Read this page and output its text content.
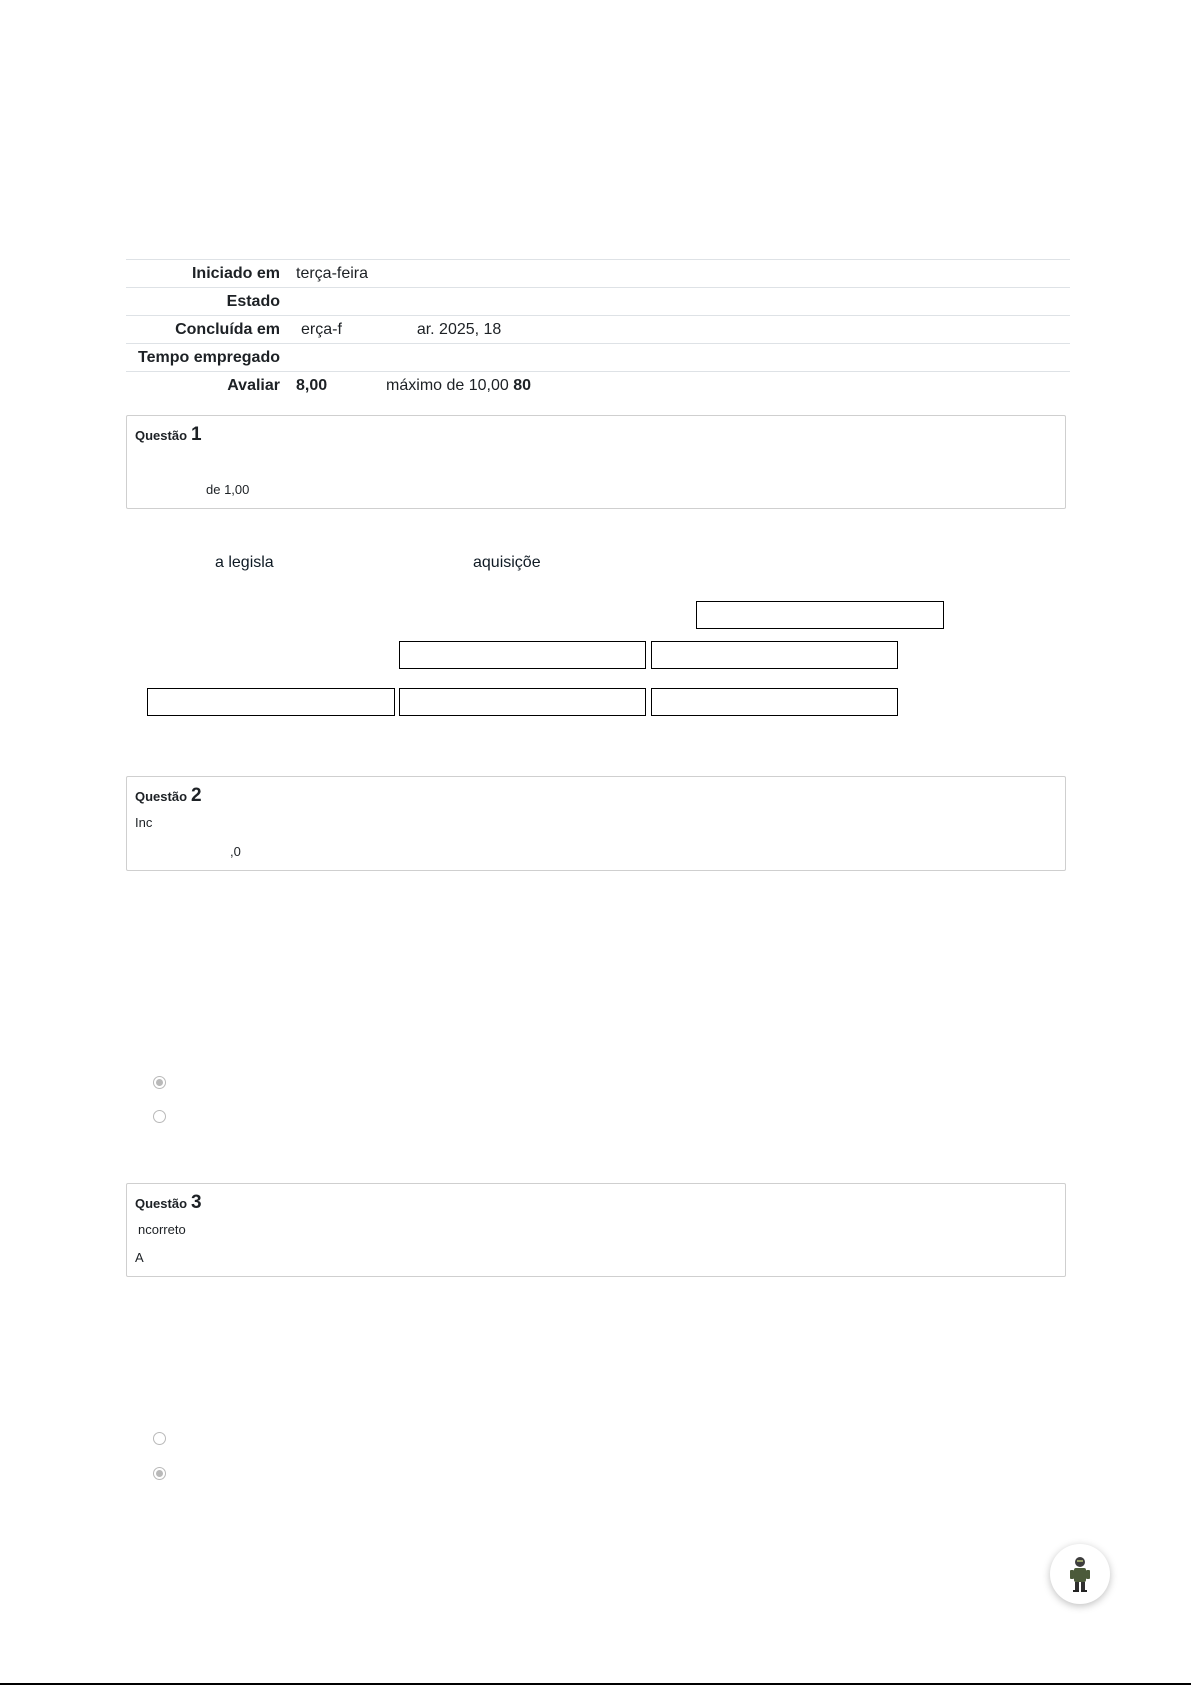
Iniciado em	terça-feira
Estado	
Concluída em	erça-f ar. 2025, 18
Tempo empregado	
Avaliar	8,00 máximo de 10,00 80
Questão 1
de 1,00
a legisla	aquisiçõe
Questão 2
Inc
,0
Questão 3
ncorreto
A
